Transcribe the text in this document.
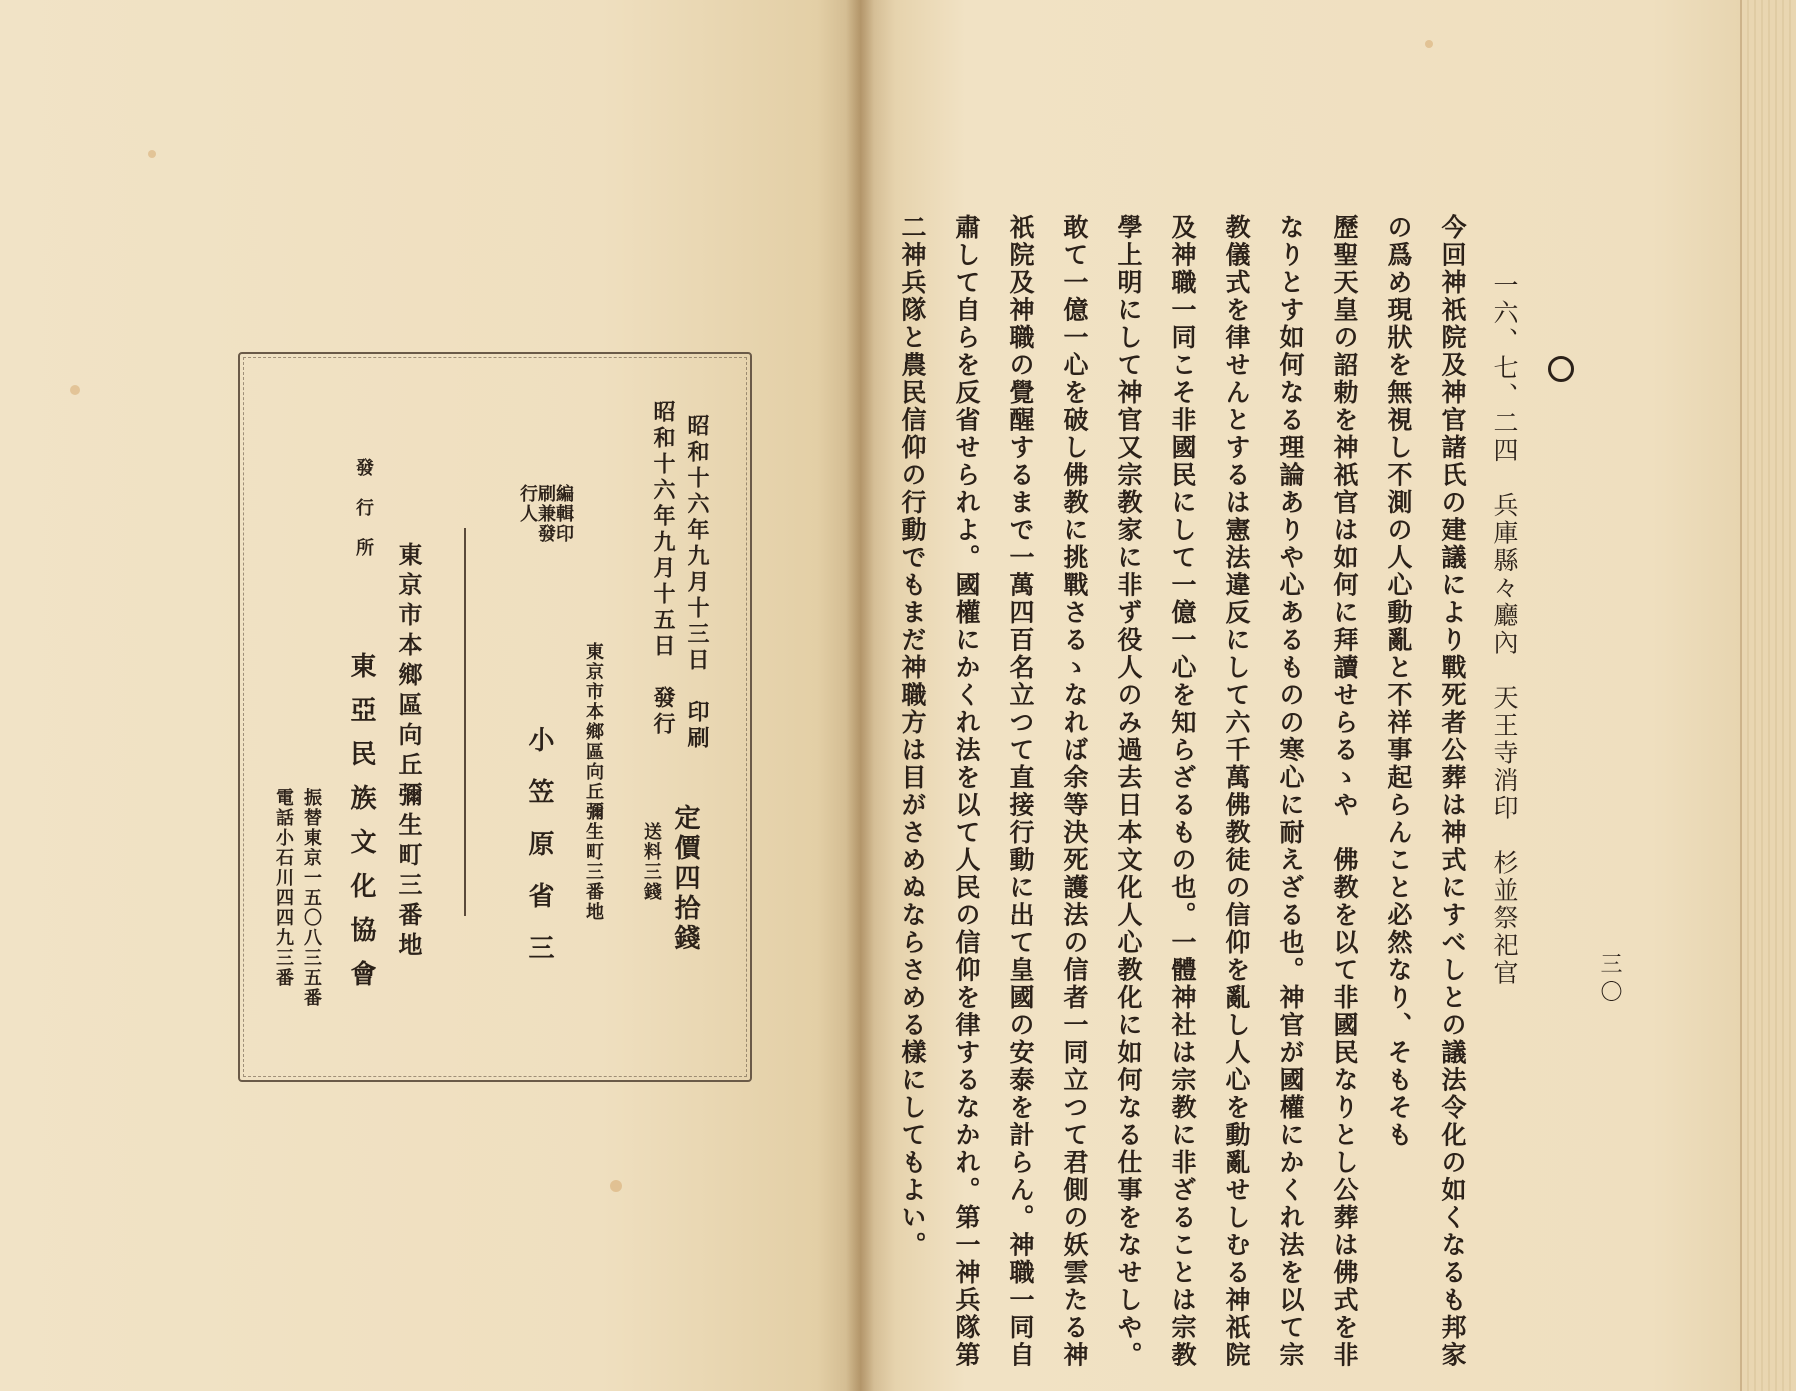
一六、七、二四　兵庫縣々廳內　天王寺消印　杉並祭祀官
今回神祇院及神官諸氏の建議により戰死者公葬は神式にすべしとの議法令化の如くなるも邦家
の爲め現狀を無視し不測の人心動亂と不祥事起らんこと必然なり、そもそも
歷聖天皇の詔勅を神祇官は如何に拜讀せらるゝや　佛教を以て非國民なりとし公葬は佛式を非
なりとす如何なる理論ありや心あるものの寒心に耐えざる也。神官が國權にかくれ法を以て宗
教儀式を律せんとするは憲法違反にして六千萬佛教徒の信仰を亂し人心を動亂せしむる神祇院
及神職一同こそ非國民にして一億一心を知らざるもの也。一體神社は宗教に非ざることは宗教
學上明にして神官又宗教家に非ず役人のみ過去日本文化人心教化に如何なる仕事をなせしや。
敢て一億一心を破し佛教に挑戰さるゝなれば余等決死護法の信者一同立つて君側の妖雲たる神
祇院及神職の覺醒するまで一萬四百名立つて直接行動に出て皇國の安泰を計らん。神職一同自
肅して自らを反省せられよ。國權にかくれ法を以て人民の信仰を律するなかれ。第一神兵隊第
二神兵隊と農民信仰の行動でもまだ神職方は目がさめぬならさめる樣にしてもよい。	三〇
昭和十六年九月十三日　印刷
昭和十六年九月十五日　發行
定價四拾錢
送料三錢
東京市本鄉區向丘彌生町三番地
編輯印刷兼發行人
小笠原省三
東京市本鄉區向丘彌生町三番地
發行所
東亞民族文化協會
振替東京一五〇八三五番
電話小石川四四九三番
